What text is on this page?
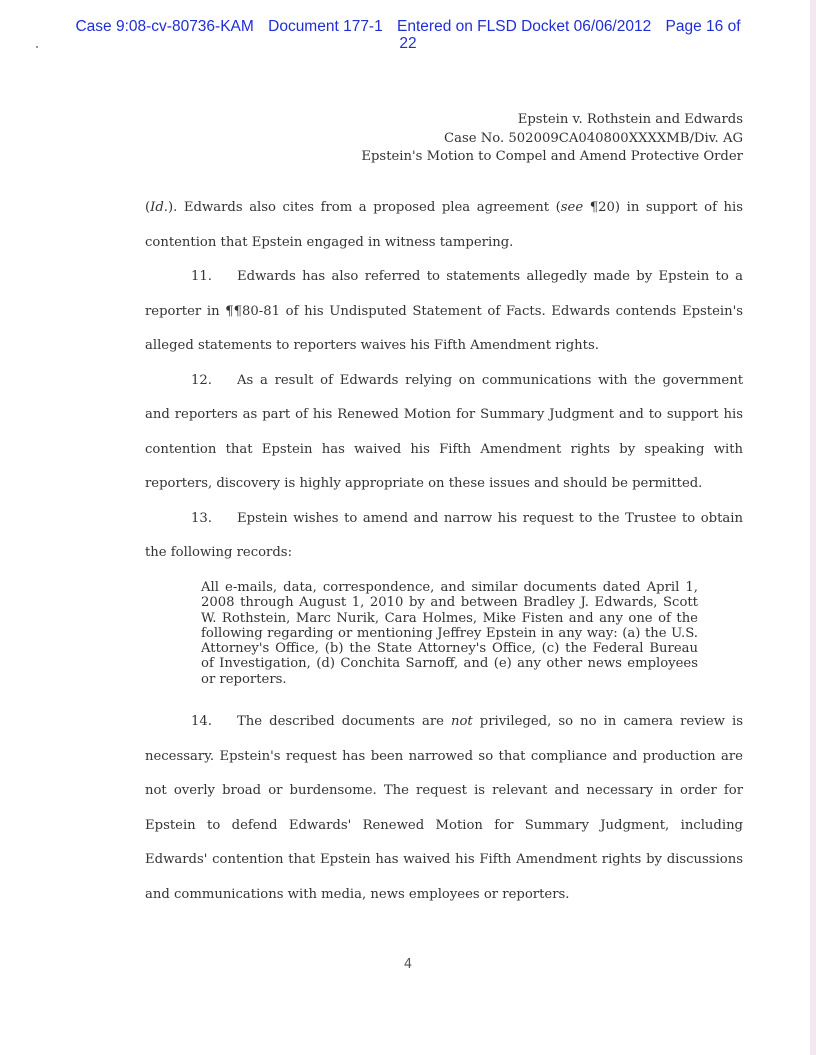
Case 9:08-cv-80736-KAM Document 177-1 Entered on FLSD Docket 06/06/2012 Page 16 of
22
Epstein v. Rothstein and Edwards
Case No. 502009CA040800XXXXMB/Div. AG
Epstein's Motion to Compel and Amend Protective Order

(Id.). Edwards also cites from a proposed plea agreement (see ¶20) in support of his contention that Epstein engaged in witness tampering.

11. Edwards has also referred to statements allegedly made by Epstein to a reporter in ¶¶80-81 of his Undisputed Statement of Facts. Edwards contends Epstein's alleged statements to reporters waives his Fifth Amendment rights.

12. As a result of Edwards relying on communications with the government and reporters as part of his Renewed Motion for Summary Judgment and to support his contention that Epstein has waived his Fifth Amendment rights by speaking with reporters, discovery is highly appropriate on these issues and should be permitted.

13. Epstein wishes to amend and narrow his request to the Trustee to obtain the following records:

All e-mails, data, correspondence, and similar documents dated April 1, 2008 through August 1, 2010 by and between Bradley J. Edwards, Scott W. Rothstein, Marc Nurik, Cara Holmes, Mike Fisten and any one of the following regarding or mentioning Jeffrey Epstein in any way: (a) the U.S. Attorney's Office, (b) the State Attorney's Office, (c) the Federal Bureau of Investigation, (d) Conchita Sarnoff, and (e) any other news employees or reporters.

14. The described documents are not privileged, so no in camera review is necessary. Epstein's request has been narrowed so that compliance and production are not overly broad or burdensome. The request is relevant and necessary in order for Epstein to defend Edwards' Renewed Motion for Summary Judgment, including Edwards' contention that Epstein has waived his Fifth Amendment rights by discussions and communications with media, news employees or reporters.

4
